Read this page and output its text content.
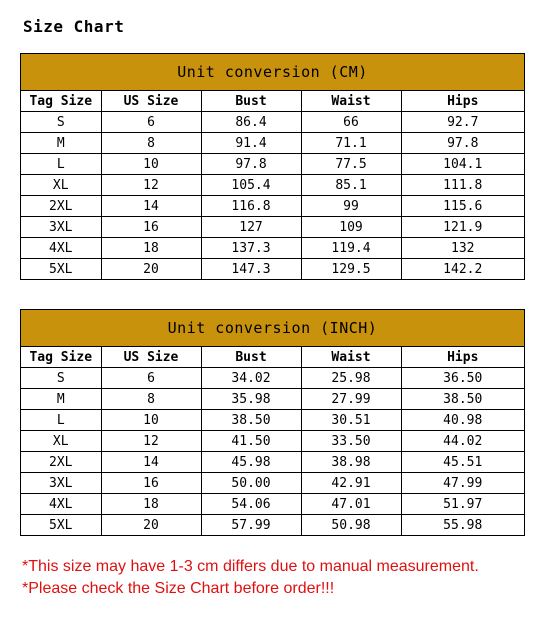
Size Chart
Unit conversion (CM)
Tag Size	US Size	Bust	Waist	Hips
S	6	86.4	66	92.7
M	8	91.4	71.1	97.8
L	10	97.8	77.5	104.1
XL	12	105.4	85.1	111.8
2XL	14	116.8	99	115.6
3XL	16	127	109	121.9
4XL	18	137.3	119.4	132
5XL	20	147.3	129.5	142.2
Unit conversion (INCH)
Tag Size	US Size	Bust	Waist	Hips
S	6	34.02	25.98	36.50
M	8	35.98	27.99	38.50
L	10	38.50	30.51	40.98
XL	12	41.50	33.50	44.02
2XL	14	45.98	38.98	45.51
3XL	16	50.00	42.91	47.99
4XL	18	54.06	47.01	51.97
5XL	20	57.99	50.98	55.98
*This size may have 1-3 cm differs due to manual measurement.
*Please check the Size Chart before order!!!
